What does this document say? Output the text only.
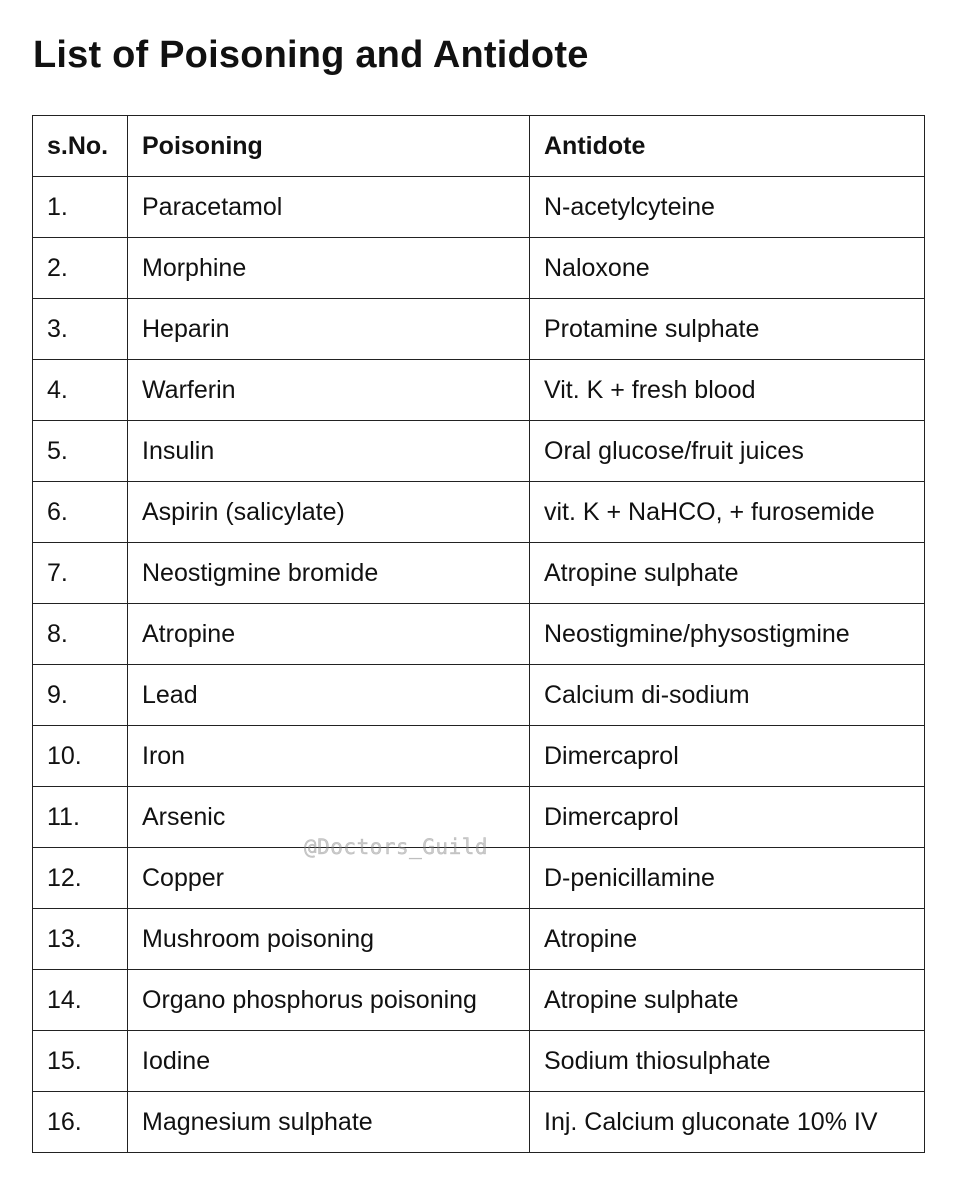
List of Poisoning and Antidote
s.No.	Poisoning	Antidote
1.	Paracetamol	N-acetylcyteine
2.	Morphine	Naloxone
3.	Heparin	Protamine sulphate
4.	Warferin	Vit. K + fresh blood
5.	Insulin	Oral glucose/fruit juices
6.	Aspirin (salicylate)	vit. K + NaHCO, + furosemide
7.	Neostigmine bromide	Atropine sulphate
8.	Atropine	Neostigmine/physostigmine
9.	Lead	Calcium di-sodium
10.	Iron	Dimercaprol
11.	Arsenic	Dimercaprol
12.	Copper	D-penicillamine
13.	Mushroom poisoning	Atropine
14.	Organo phosphorus poisoning	Atropine sulphate
15.	Iodine	Sodium thiosulphate
16.	Magnesium sulphate	Inj. Calcium gluconate 10% IV
@Doctors_Guild
